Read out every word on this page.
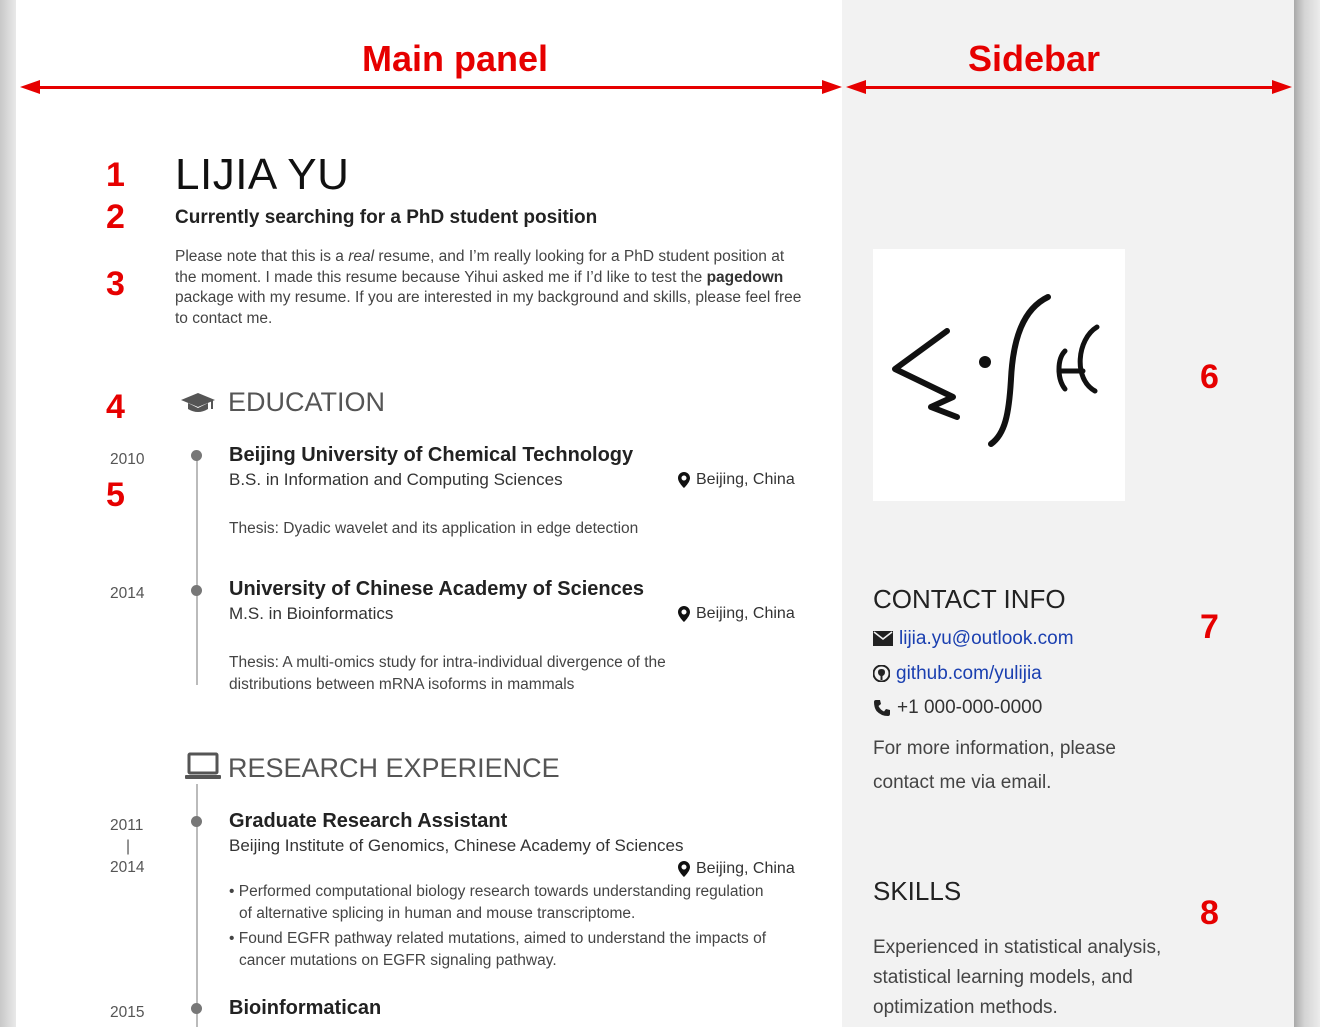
Main panel	Sidebar
1
2
3
4
5
6
7
8
LIJIA YU
Currently searching for a PhD student position
Please note that this is a real resume, and I’m really looking for a PhD student position at the moment. I made this resume because Yihui asked me if I’d like to test the pagedown package with my resume. If you are interested in my background and skills, please feel free to contact me.
EDUCATION
2010	Beijing University of Chemical Technology
B.S. in Information and Computing Sciences	Beijing, China
Thesis: Dyadic wavelet and its application in edge detection
2014	University of Chinese Academy of Sciences
M.S. in Bioinformatics	Beijing, China
Thesis: A multi-omics study for intra-individual divergence of the distributions between mRNA isoforms in mammals
RESEARCH EXPERIENCE
2011
|
2014
Graduate Research Assistant
Beijing Institute of Genomics, Chinese Academy of Sciences
Beijing, China
• Performed computational biology research towards understanding regulation of alternative splicing in human and mouse transcriptome.
• Found EGFR pathway related mutations, aimed to understand the impacts of cancer mutations on EGFR signaling pathway.
2015	Bioinformatican
CONTACT INFO
lijia.yu@outlook.com
github.com/yulijia
+1 000-000-0000
For more information, please contact me via email.
SKILLS
Experienced in statistical analysis, statistical learning models, and optimization methods.
